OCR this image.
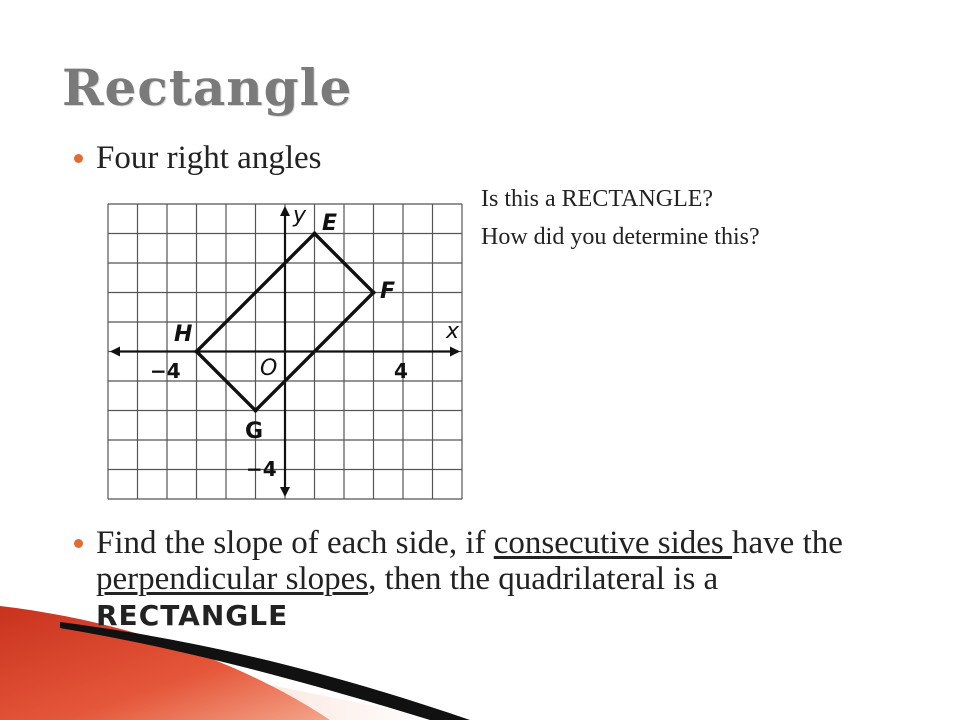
Rectangle
Four right angles
Is this a RECTANGLE?
How did you determine this?
x
y
O
−4	4
−4
E
F
G
H
Find the slope of each side, if consecutive sides have the perpendicular slopes, then the quadrilateral is a RECTANGLE
